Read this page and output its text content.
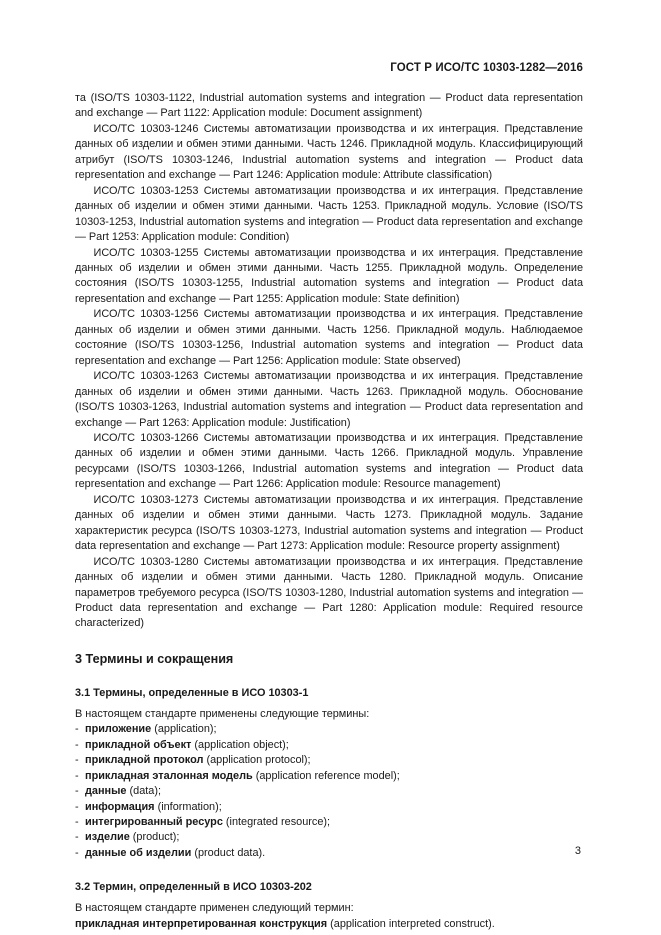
ГОСТ Р ИСО/ТС 10303-1282—2016

та (ISO/TS 10303-1122, Industrial automation systems and integration — Product data representation and exchange — Part 1122: Application module: Document assignment)

ИСО/ТС 10303-1246 Системы автоматизации производства и их интеграция. Представление данных об изделии и обмен этими данными. Часть 1246. Прикладной модуль. Классифицирующий атрибут (ISO/TS 10303-1246, Industrial automation systems and integration — Product data representation and exchange — Part 1246: Application module: Attribute classification)

ИСО/ТС 10303-1253 Системы автоматизации производства и их интеграция. Представление данных об изделии и обмен этими данными. Часть 1253. Прикладной модуль. Условие (ISO/TS 10303-1253, Industrial automation systems and integration — Product data representation and exchange — Part 1253: Application module: Condition)

ИСО/ТС 10303-1255 Системы автоматизации производства и их интеграция. Представление данных об изделии и обмен этими данными. Часть 1255. Прикладной модуль. Определение состояния (ISO/TS 10303-1255, Industrial automation systems and integration — Product data representation and exchange — Part 1255: Application module: State definition)

ИСО/ТС 10303-1256 Системы автоматизации производства и их интеграция. Представление данных об изделии и обмен этими данными. Часть 1256. Прикладной модуль. Наблюдаемое состояние (ISO/TS 10303-1256, Industrial automation systems and integration — Product data representation and exchange — Part 1256: Application module: State observed)

ИСО/ТС 10303-1263 Системы автоматизации производства и их интеграция. Представление данных об изделии и обмен этими данными. Часть 1263. Прикладной модуль. Обоснование (ISO/TS 10303-1263, Industrial automation systems and integration — Product data representation and exchange — Part 1263: Application module: Justification)

ИСО/ТС 10303-1266 Системы автоматизации производства и их интеграция. Представление данных об изделии и обмен этими данными. Часть 1266. Прикладной модуль. Управление ресурсами (ISO/TS 10303-1266, Industrial automation systems and integration — Product data representation and exchange — Part 1266: Application module: Resource management)

ИСО/ТС 10303-1273 Системы автоматизации производства и их интеграция. Представление данных об изделии и обмен этими данными. Часть 1273. Прикладной модуль. Задание характеристик ресурса (ISO/TS 10303-1273, Industrial automation systems and integration — Product data representation and exchange — Part 1273: Application module: Resource property assignment)

ИСО/ТС 10303-1280 Системы автоматизации производства и их интеграция. Представление данных об изделии и обмен этими данными. Часть 1280. Прикладной модуль. Описание параметров требуемого ресурса (ISO/TS 10303-1280, Industrial automation systems and integration — Product data representation and exchange — Part 1280: Application module: Required resource characterized)

3 Термины и сокращения
3.1 Термины, определенные в ИСО 10303-1

В настоящем стандарте применены следующие термины:

- приложение (application);
- прикладной объект (application object);
- прикладной протокол (application protocol);
- прикладная эталонная модель (application reference model);
- данные (data);
- информация (information);
- интегрированный ресурс (integrated resource);
- изделие (product);
- данные об изделии (product data).
3.2 Термин, определенный в ИСО 10303-202

В настоящем стандарте применен следующий термин:

прикладная интерпретированная конструкция (application interpreted construct).

3
